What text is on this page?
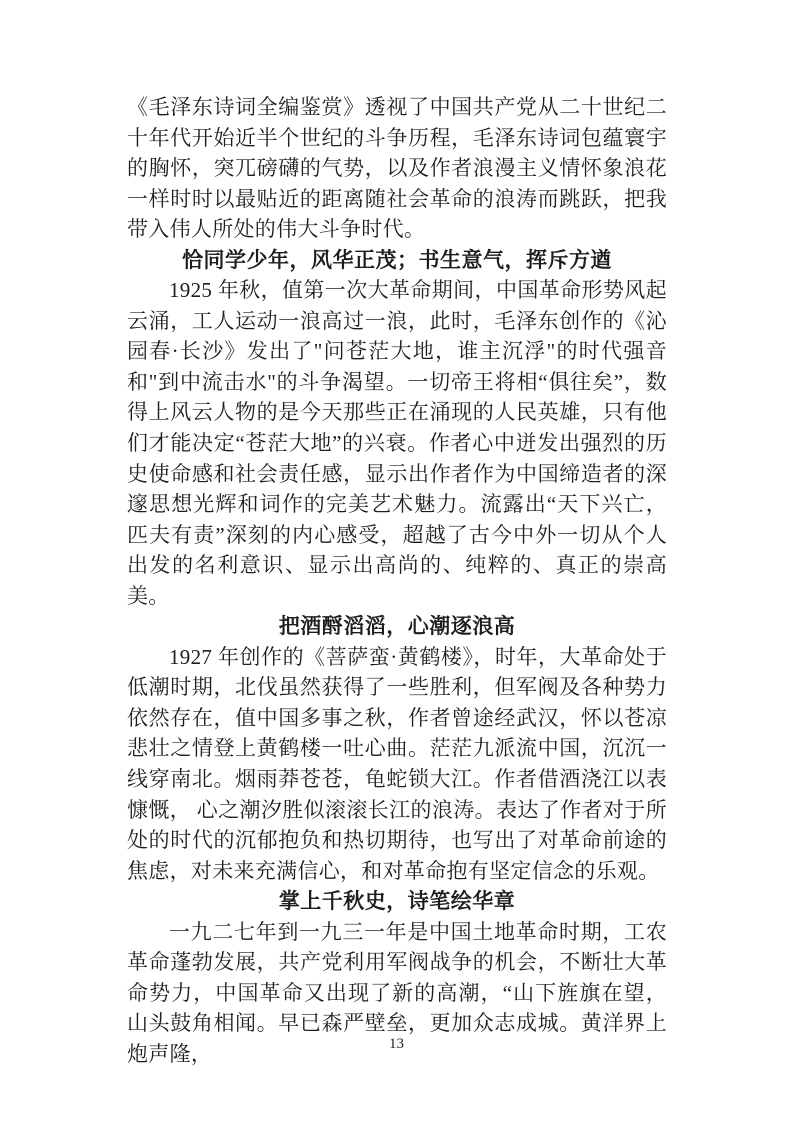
《毛泽东诗词全编鉴赏》透视了中国共产党从二十世纪二十年代开始近半个世纪的斗争历程，毛泽东诗词包蕴寰宇的胸怀，突兀磅礴的气势，以及作者浪漫主义情怀象浪花一样时时以最贴近的距离随社会革命的浪涛而跳跃，把我带入伟人所处的伟大斗争时代。

恰同学少年，风华正茂；书生意气，挥斥方遒

1925 年秋，值第一次大革命期间，中国革命形势风起云涌，工人运动一浪高过一浪，此时，毛泽东创作的《沁园春·长沙》发出了"问苍茫大地，谁主沉浮"的时代强音和"到中流击水"的斗争渴望。一切帝王将相“俱往矣”，数得上风云人物的是今天那些正在涌现的人民英雄，只有他们才能决定“苍茫大地”的兴衰。作者心中迸发出强烈的历史使命感和社会责任感，显示出作者作为中国缔造者的深邃思想光辉和词作的完美艺术魅力。流露出“天下兴亡，匹夫有责”深刻的内心感受，超越了古今中外一切从个人出发的名利意识、显示出高尚的、纯粹的、真正的崇高美。

把酒酹滔滔，心潮逐浪高

1927 年创作的《菩萨蛮·黄鹤楼》，时年，大革命处于低潮时期，北伐虽然获得了一些胜利，但军阀及各种势力依然存在，值中国多事之秋，作者曾途经武汉，怀以苍凉悲壮之情登上黄鹤楼一吐心曲。茫茫九派流中国，沉沉一线穿南北。烟雨莽苍苍，龟蛇锁大江。作者借酒浇江以表慷慨， 心之潮汐胜似滚滚长江的浪涛。表达了作者对于所处的时代的沉郁抱负和热切期待，也写出了对革命前途的焦虑，对未来充满信心，和对革命抱有坚定信念的乐观。

掌上千秋史，诗笔绘华章

一九二七年到一九三一年是中国土地革命时期，工农革命蓬勃发展，共产党利用军阀战争的机会，不断壮大革命势力，中国革命又出现了新的高潮，“山下旌旗在望，山头鼓角相闻。早已森严壁垒，更加众志成城。黄洋界上炮声隆，	13
